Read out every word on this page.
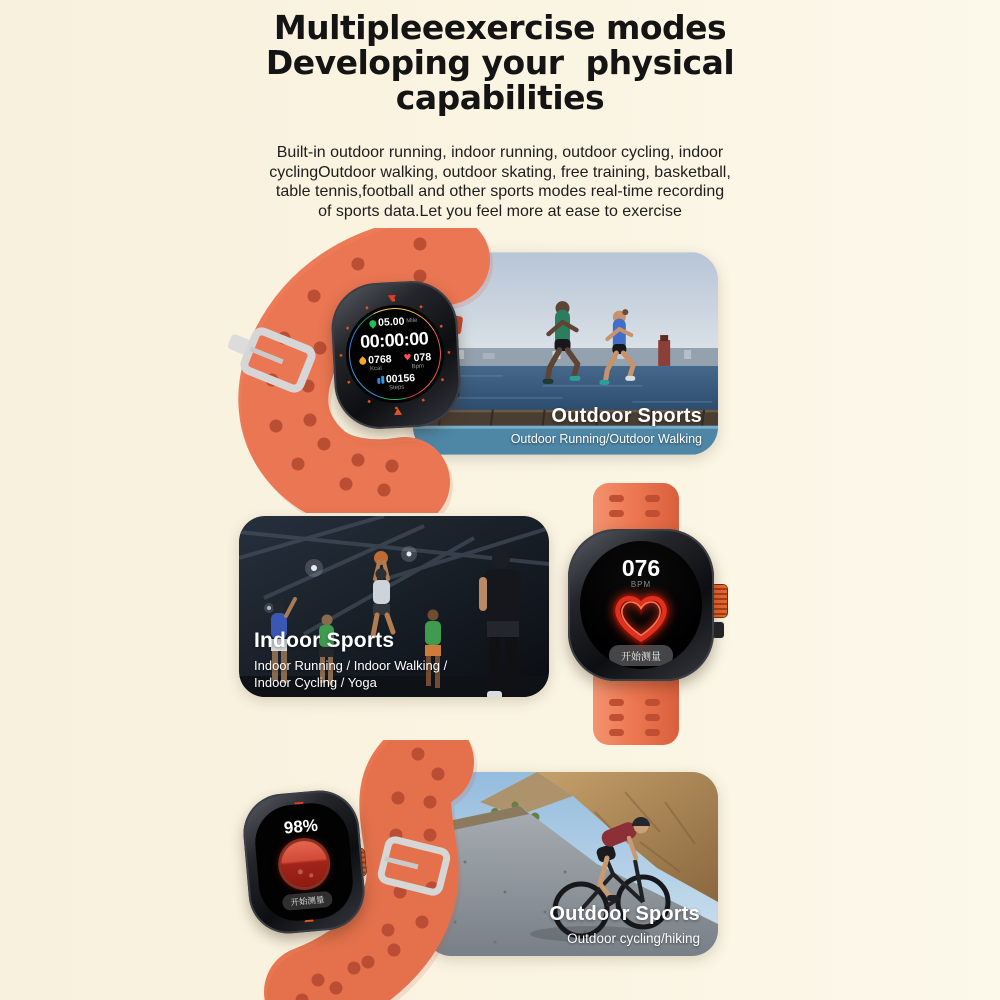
Multipleeexercise modes
Developing your  physical
capabilities
Built-in outdoor running, indoor running, outdoor cycling, indoor
cyclingOutdoor walking, outdoor skating, free training, basketball,
table tennis,football and other sports modes real-time recording
of sports data.Let you feel more at ease to exercise
Outdoor Sports
Outdoor Running/Outdoor Walking
05.00 Mile
00:00:00
0768
Kcal
♥ 078
Bpm
00156
Steps
Indoor Sports
Indoor Running / Indoor Walking /
Indoor Cycling / Yoga
076
BPM
开始测量
Outdoor Sports
Outdoor cycling/hiking
98%
开始测量
